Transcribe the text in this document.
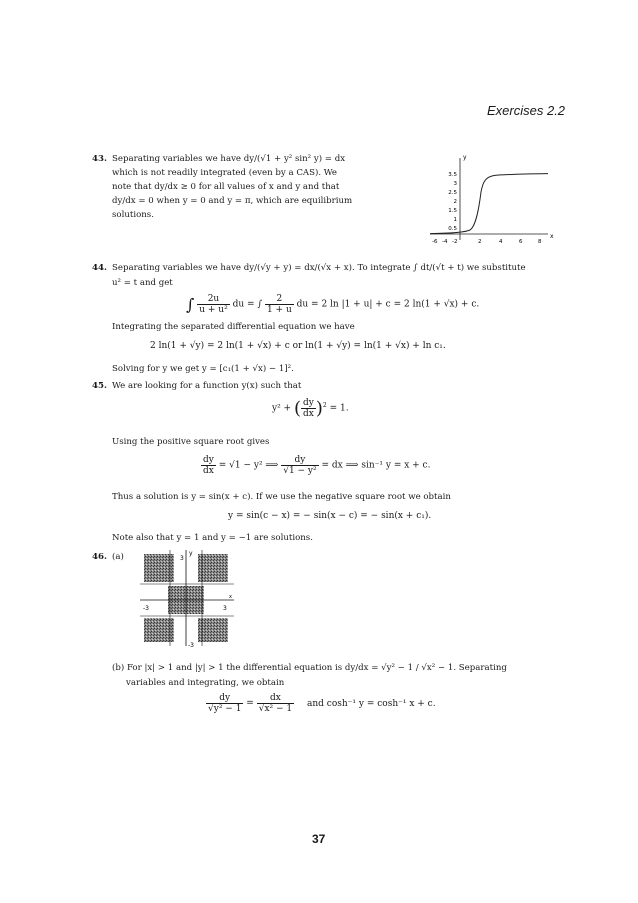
Exercises 2.2
43. Separating variables we have dy/(√1 + y² sin² y) = dx
which is not readily integrated (even by a CAS). We
note that dy/dx ≥ 0 for all values of x and y and that
dy/dx = 0 when y = 0 and y = π, which are equilibrium
solutions.
y
x
3.5
3
2.5
2
1.5
1
0.5
-6 -4 -2	2	4	6	8
44. Separating variables we have dy/(√y + y) = dx/(√x + x). To integrate ∫ dt/(√t + t) we substitute
u² = t and get
∫ $\frac{2u}{\text{u + u²}}$ du = ∫ $\frac{2}{1 + u}$ du = 2 ln |1 + u| + c = 2 ln(1 + √x) + c.
Integrating the separated differential equation we have
2 ln(1 + √y) = 2 ln(1 + √x) + c or ln(1 + √y) = ln(1 + √x) + ln c₁.
Solving for y we get y = [c₁(1 + √x) − 1]².
45. We are looking for a function y(x) such that
y² + ( $\frac{dy}{dx} )^2 = 1$.
Using the positive square root gives
$\frac{dy}{dx} = √1 - y^2$ ⟹ $\frac{dy}{\text{√1 − y²}}$ = dx ⟹ sin⁻¹ y = x + c.
Thus a solution is y = sin(x + c). If we use the negative square root we obtain
y = sin(c − x) = − sin(x − c) = − sin(x + c₁).
Note also that y = 1 and y = −1 are solutions.
46. (a)	y
3
-3
-3	3
x
(b) For |x| > 1 and |y| > 1 the differential equation is dy/dx = √y² − 1 / √x² − 1. Separating
variables and integrating, we obtain
$\frac{dy}{\text{√y² − 1}} = \frac{dx}{\text{√x² − 1}}$ and cosh⁻¹ y = cosh⁻¹ x + c.
37
